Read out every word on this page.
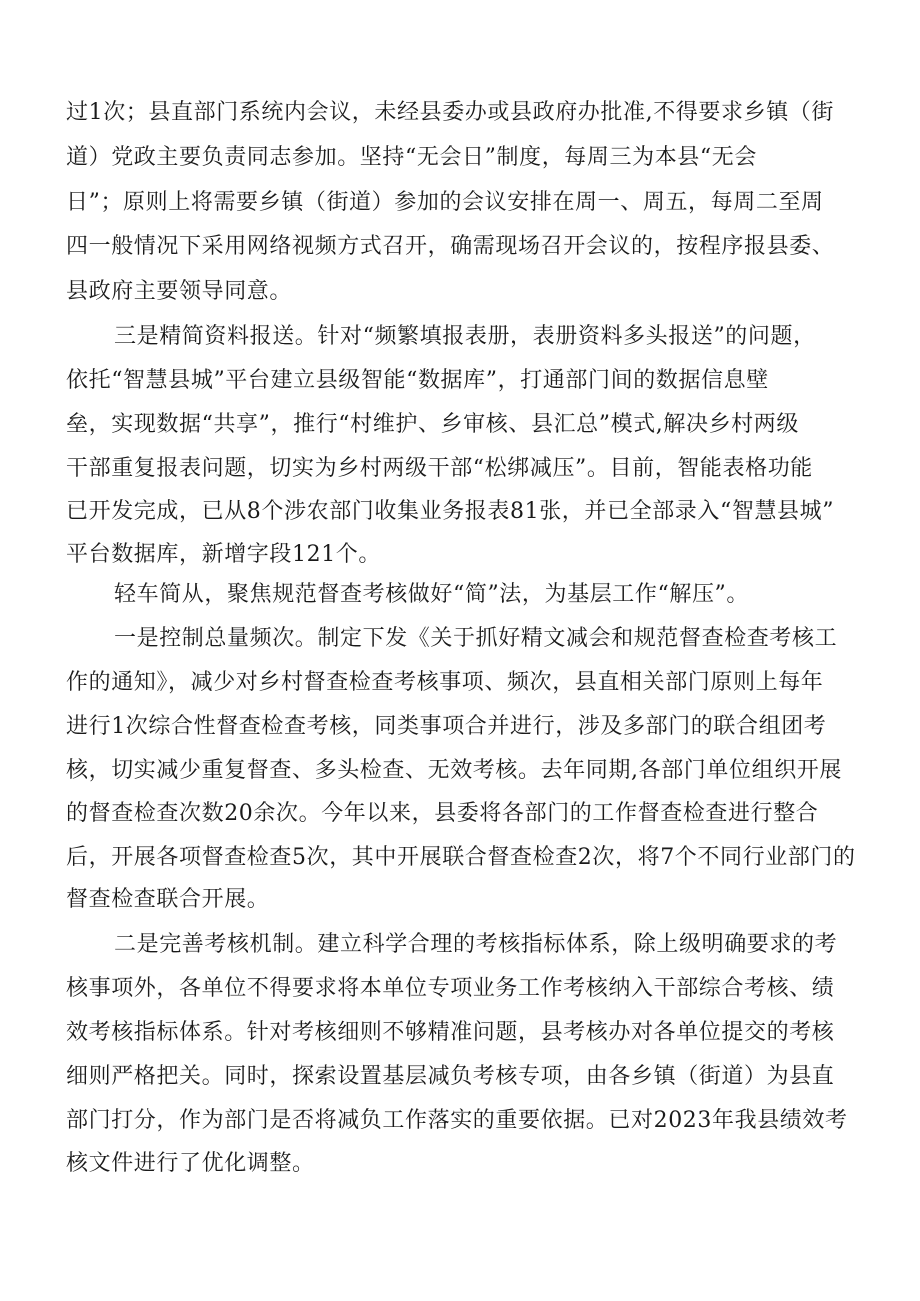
过1次；县直部门系统内会议，未经县委办或县政府办批准,不得要求乡镇（街
道）党政主要负责同志参加。坚持“无会日”制度，每周三为本县“无会
日”；原则上将需要乡镇（街道）参加的会议安排在周一、周五，每周二至周
四一般情况下采用网络视频方式召开，确需现场召开会议的，按程序报县委、
县政府主要领导同意。
三是精简资料报送。针对“频繁填报表册，表册资料多头报送”的问题，
依托“智慧县城”平台建立县级智能“数据库”，打通部门间的数据信息壁
垒，实现数据“共享”，推行“村维护、乡审核、县汇总”模式,解决乡村两级
干部重复报表问题，切实为乡村两级干部“松绑减压”。目前，智能表格功能
已开发完成，已从8个涉农部门收集业务报表81张，并已全部录入“智慧县城”
平台数据库，新增字段121个。
轻车简从，聚焦规范督查考核做好“简”法，为基层工作“解压”。
一是控制总量频次。制定下发《关于抓好精文减会和规范督查检查考核工
作的通知》，减少对乡村督查检查考核事项、频次，县直相关部门原则上每年
进行1次综合性督查检查考核，同类事项合并进行，涉及多部门的联合组团考
核，切实减少重复督查、多头检查、无效考核。去年同期,各部门单位组织开展
的督查检查次数20余次。今年以来，县委将各部门的工作督查检查进行整合
后，开展各项督查检查5次，其中开展联合督查检查2次，将7个不同行业部门的
督查检查联合开展。
二是完善考核机制。建立科学合理的考核指标体系，除上级明确要求的考
核事项外，各单位不得要求将本单位专项业务工作考核纳入干部综合考核、绩
效考核指标体系。针对考核细则不够精准问题，县考核办对各单位提交的考核
细则严格把关。同时，探索设置基层减负考核专项，由各乡镇（街道）为县直
部门打分，作为部门是否将减负工作落实的重要依据。已对2023年我县绩效考
核文件进行了优化调整。
